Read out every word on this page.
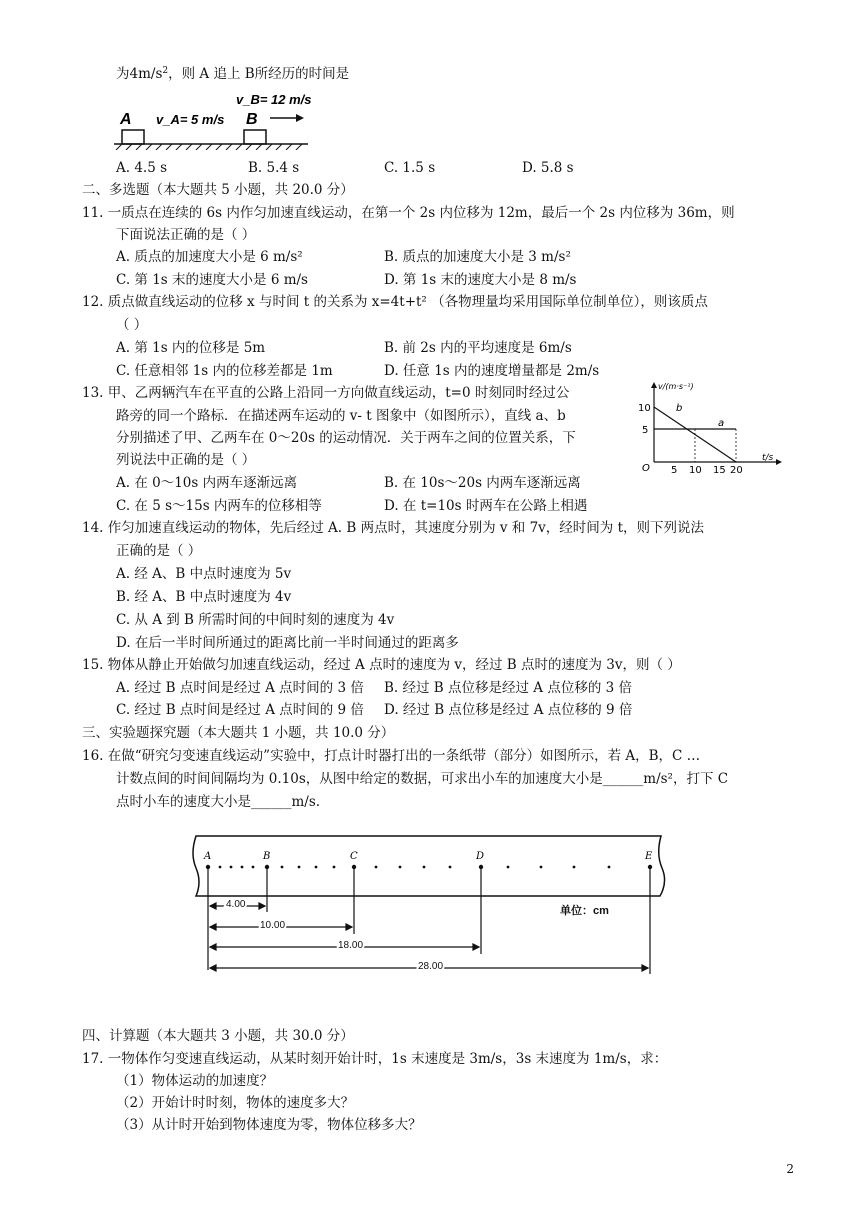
为$4m/s^2$，则 A 追上 B所经历的时间是
v_B= 12 m/s
v_A= 5 m/s
A	B
A. 4.5 s	B. 5.4 s	C. 1.5 s	D. 5.8 s
二、多选题（本大题共 5 小题，共 20.0 分）
11. 一质点在连续的 6s 内作匀加速直线运动，在第一个 2s 内位移为 12m，最后一个 2s 内位移为 36m，则
下面说法正确的是（ ）
A. 质点的加速度大小是 6 m/s²	B. 质点的加速度大小是 3 m/s²
C. 第 1s 末的速度大小是 6 m/s	D. 第 1s 末的速度大小是 8 m/s
12. 质点做直线运动的位移 x 与时间 t 的关系为 x=4t+t² （各物理量均采用国际单位制单位），则该质点
（ ）
A. 第 1s 内的位移是 5m	B. 前 2s 内的平均速度是 6m/s
C. 任意相邻 1s 内的位移差都是 1m	D. 任意 1s 内的速度增量都是 2m/s
13. 甲、乙两辆汽车在平直的公路上沿同一方向做直线运动，t=0 时刻同时经过公
路旁的同一个路标．在描述两车运动的 v- t 图象中（如图所示），直线 a、b
分别描述了甲、乙两车在 0～20s 的运动情况．关于两车之间的位置关系，下
列说法中正确的是（ ）
v/(m·s⁻¹)
t/s
O
10
5
5 10 15 20
b
a
A. 在 0～10s 内两车逐渐远离	B. 在 10s～20s 内两车逐渐远离
C. 在 5 s～15s 内两车的位移相等	D. 在 t=10s 时两车在公路上相遇
14. 作匀加速直线运动的物体，先后经过 A. B 两点时，其速度分别为 v 和 7v，经时间为 t，则下列说法
正确的是（ ）
A. 经 A、B 中点时速度为 5v
B. 经 A、B 中点时速度为 4v
C. 从 A 到 B 所需时间的中间时刻的速度为 4v
D. 在后一半时间所通过的距离比前一半时间通过的距离多
15. 物体从静止开始做匀加速直线运动，经过 A 点时的速度为 v，经过 B 点时的速度为 3v，则（ ）
A. 经过 B 点时间是经过 A 点时间的 3 倍 B. 经过 B 点位移是经过 A 点位移的 3 倍
C. 经过 B 点时间是经过 A 点时间的 9 倍 D. 经过 B 点位移是经过 A 点位移的 9 倍
三、实验题探究题（本大题共 1 小题，共 10.0 分）
16. 在做“研究匀变速直线运动”实验中，打点计时器打出的一条纸带（部分）如图所示，若 A，B，C …
计数点间的时间间隔均为 0.10s，从图中给定的数据，可求出小车的加速度大小是______m/s²，打下 C
点时小车的速度大小是______m/s.
A	B	C	D	E
4.00
10.00
18.00
28.00
单位：cm
四、计算题（本大题共 3 小题，共 30.0 分）
17. 一物体作匀变速直线运动，从某时刻开始计时，1s 末速度是 3m/s，3s 末速度为 1m/s，求：
（1）物体运动的加速度？
（2）开始计时时刻，物体的速度多大？
（3）从计时开始到物体速度为零，物体位移多大？
2
